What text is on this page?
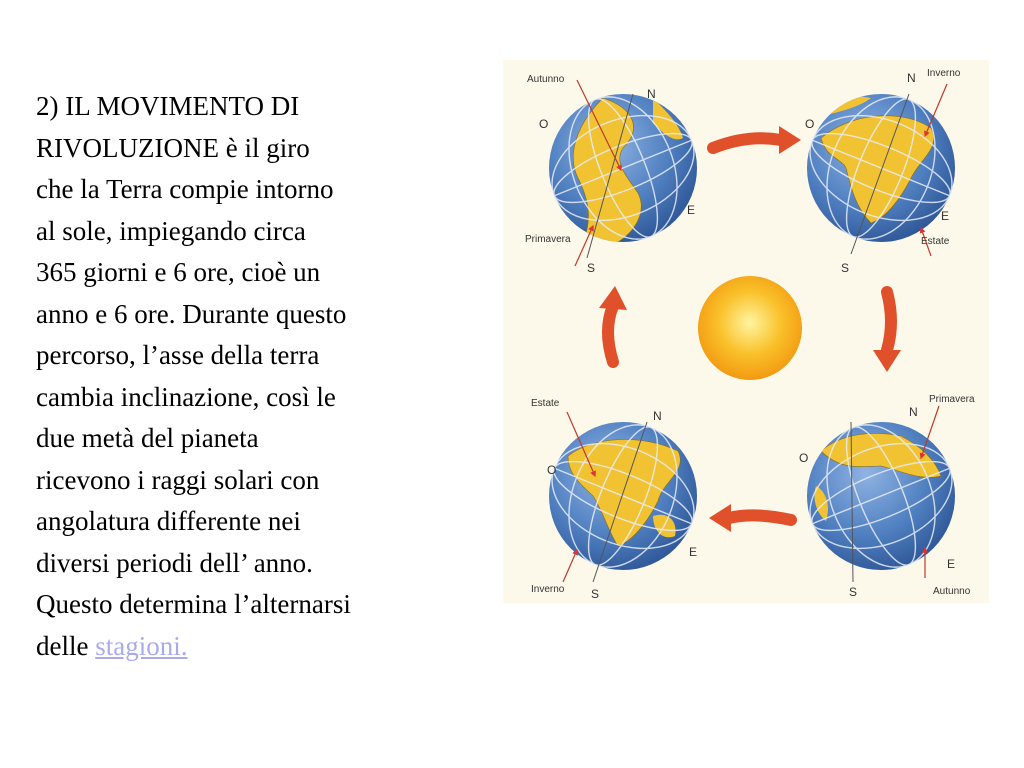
2) IL MOVIMENTO DI
RIVOLUZIONE è il giro
che la Terra compie intorno
al sole, impiegando circa
365 giorni e 6 ore, cioè un
anno e 6 ore. Durante questo
percorso, l’asse della terra
cambia inclinazione, così le
due metà del pianeta
ricevono i raggi solari con
angolatura differente nei
diversi periodi dell’ anno.
Questo determina l’alternarsi
delle stagioni.
Autunno
Primavera
N
S
O
E
Inverno
Estate
N
S
O
E
Estate
Inverno
N
S
O
E
Primavera
Autunno
N
S
O
E
